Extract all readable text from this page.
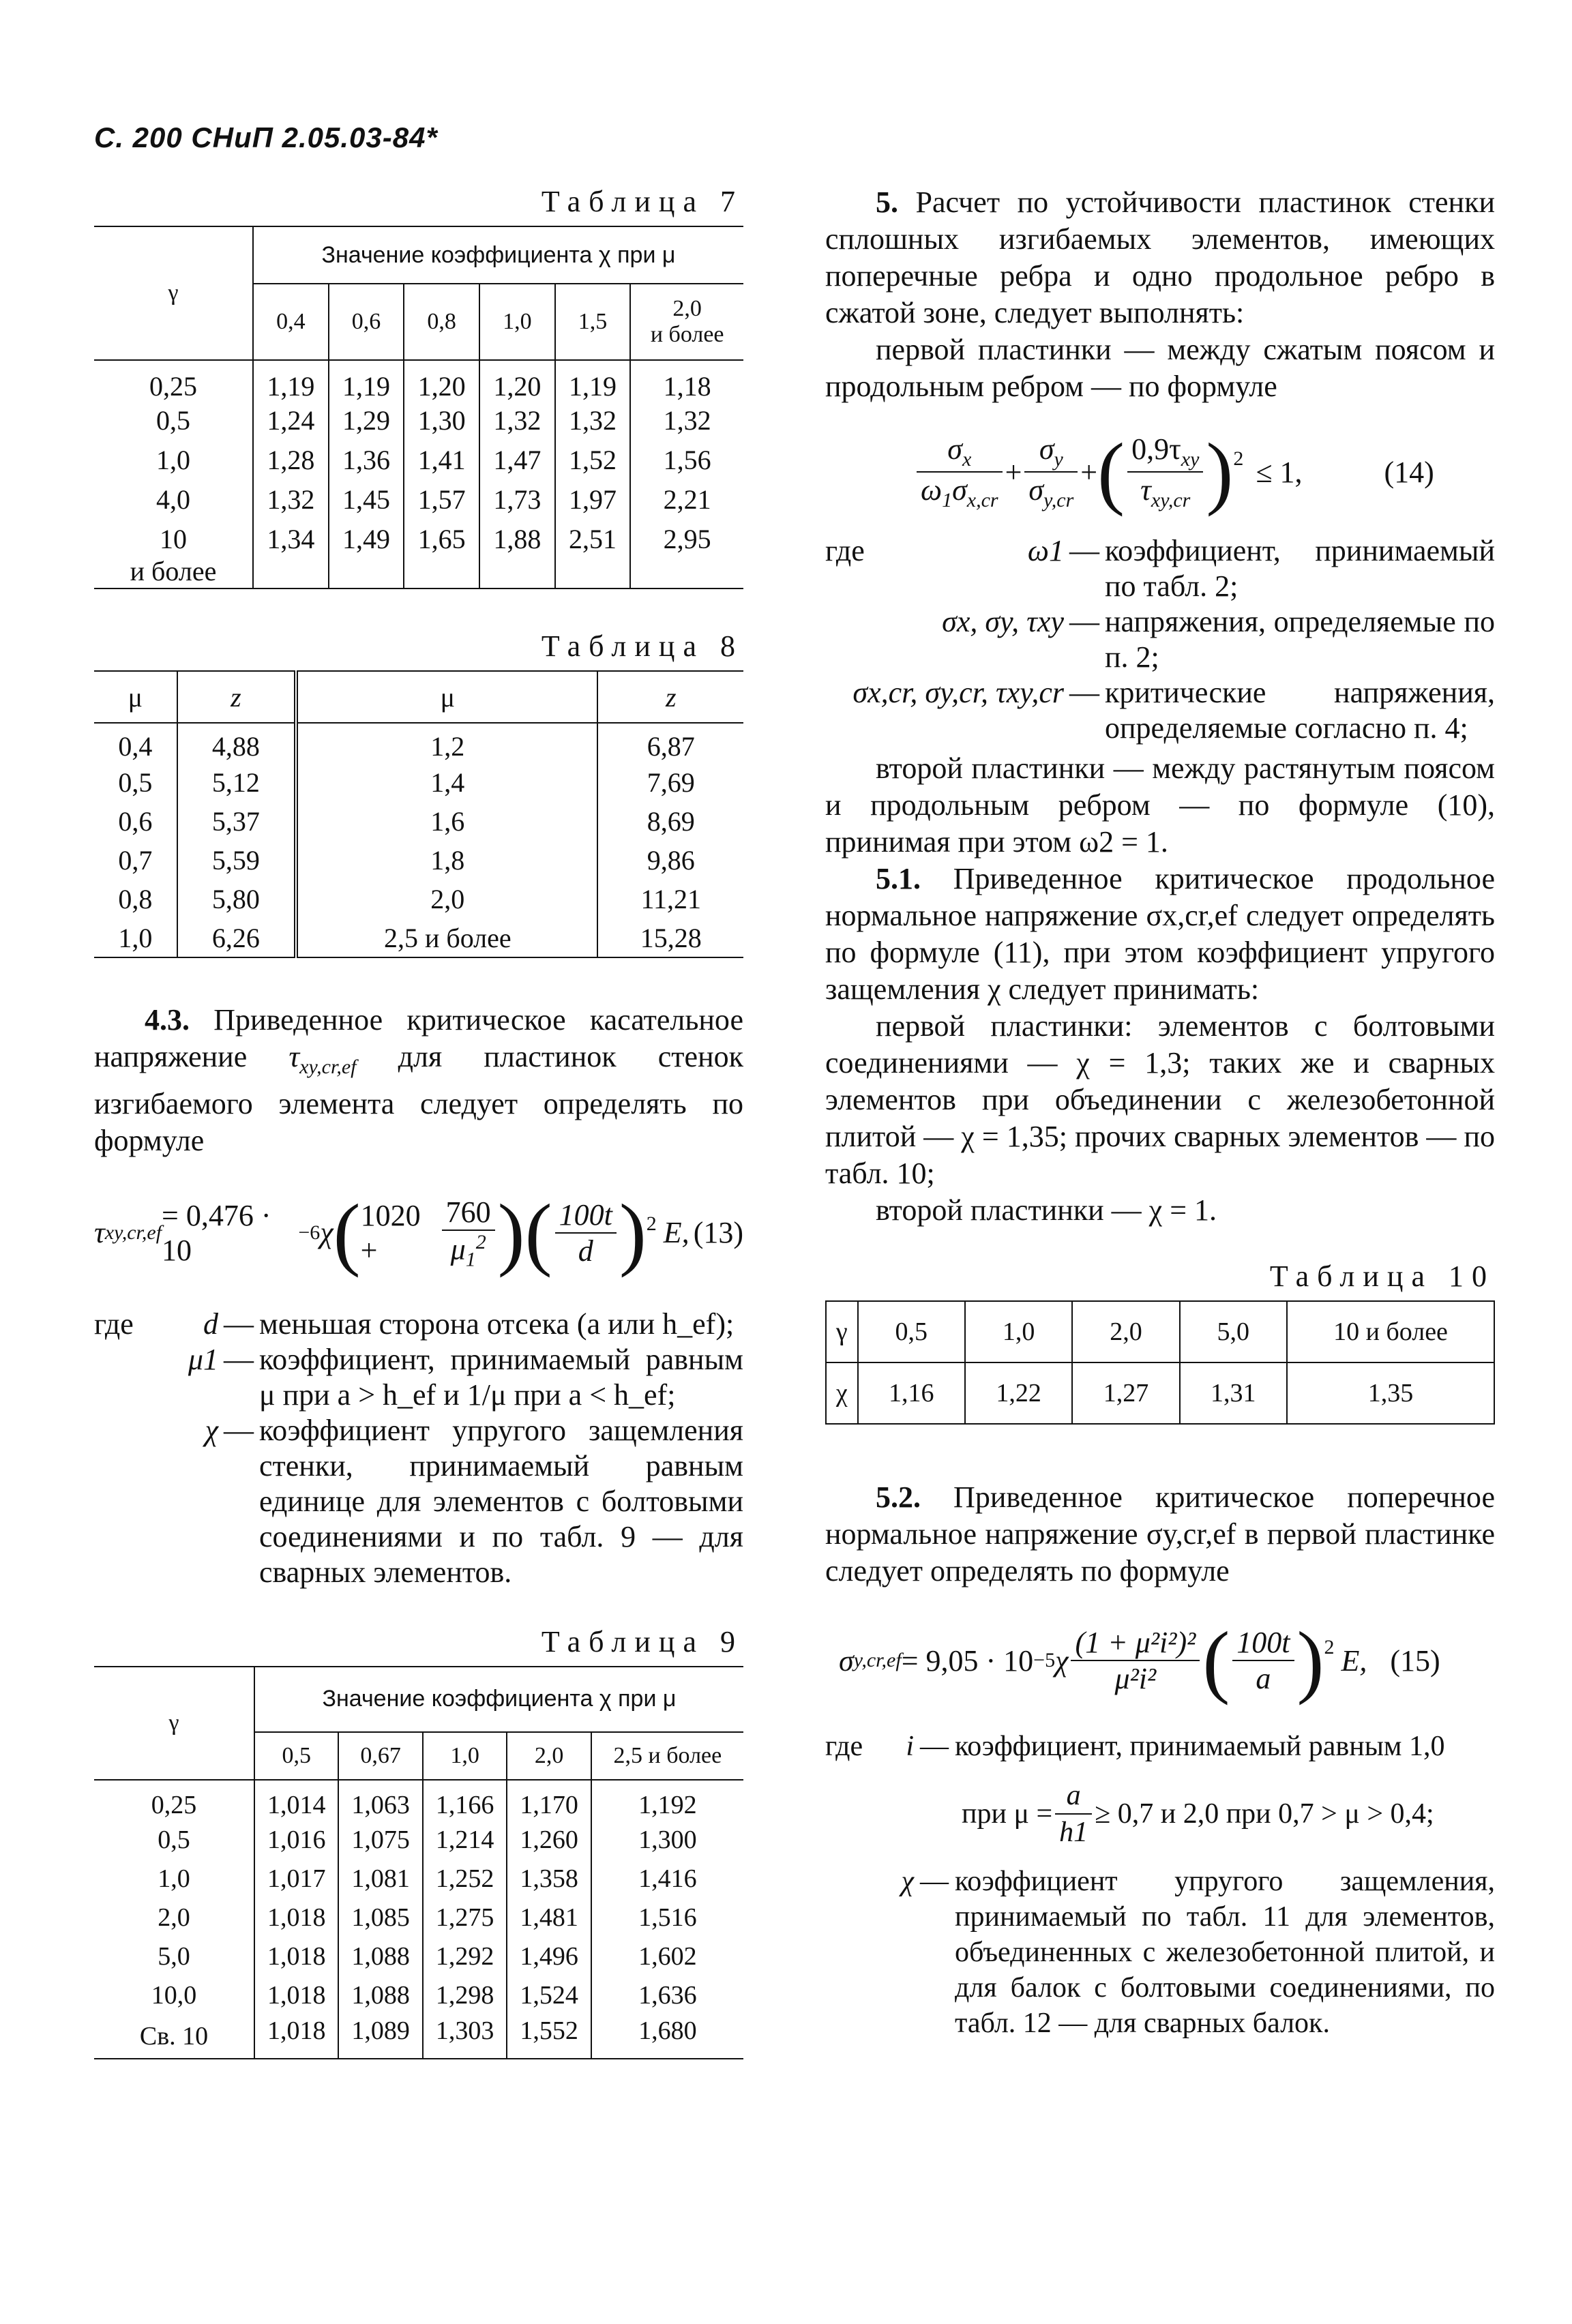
С. 200 СНиП 2.05.03-84*
Таблица 7
γ	Значение коэффициента χ при μ					
	0,4	0,6	0,8	1,0	1,5	2,0
и более
0,25	1,19	1,19	1,20	1,20	1,19	1,18
0,5	1,24	1,29	1,30	1,32	1,32	1,32
1,0	1,28	1,36	1,41	1,47	1,52	1,56
4,0	1,32	1,45	1,57	1,73	1,97	2,21
10
и более	1,34	1,49	1,65	1,88	2,51	2,95
Таблица 8
μ	z	μ	z
0,4	4,88	1,2	6,87
0,5	5,12	1,4	7,69
0,6	5,37	1,6	8,69
0,7	5,59	1,8	9,86
0,8	5,80	2,0	11,21
1,0	6,26	2,5 и более	15,28

4.3. Приведенное критическое касательное напряжение $\tau_{xy,cr,ef}$ для пластинок стенок изгибаемого элемента следует определять по формуле

τ xy,cr,ef
= 0,476 · 10
−6 χ ( 1020 +	$\frac{760}{\mu_1^2}$ ) ( $\frac{100t}{d} )^2$ E, (13)
где	d — меньшая сторона отсека (a или h_ef);
μ1 — коэффициент, принимаемый равным μ при a > h_ef и 1/μ при a < h_ef;
χ — коэффициент упругого защемления стенки, принимаемый равным единице для элементов с болтовыми соединениями и по табл. 9 — для сварных элементов.
Таблица 9
γ	Значение коэффициента χ при μ				
	0,5	0,67	1,0	2,0	2,5 и более
0,25	1,014	1,063	1,166	1,170	1,192
0,5	1,016	1,075	1,214	1,260	1,300
1,0	1,017	1,081	1,252	1,358	1,416
2,0	1,018	1,085	1,275	1,481	1,516
5,0	1,018	1,088	1,292	1,496	1,602
10,0	1,018	1,088	1,298	1,524	1,636
Св. 10	1,018	1,089	1,303	1,552	1,680

5. Расчет по устойчивости пластинок стенки сплошных изгибаемых элементов, имеющих поперечные ребра и одно продольное ребро в сжатой зоне, следует выполнять:

первой пластинки — между сжатым поясом и продольным ребром — по формуле

$\frac{\sigma_x}{\omega_1\sigma_{x,cr}} + \frac{\sigma_y}{\sigma_{y,cr}}$ + ( $\frac{0,9\tau_{xy}}{\tau_{xy,cr}} )^2 \le 1$,	(14)
где	ω1 — коэффициент, принимаемый по табл. 2;
σx, σy, τxy — напряжения, определяемые по п. 2;
σx,cr, σy,cr, τxy,cr — критические напряжения, определяемые согласно п. 4;

второй пластинки — между растянутым поясом и продольным ребром — по формуле (10), принимая при этом ω2 = 1.

5.1. Приведенное критическое продольное нормальное напряжение σx,cr,ef следует определять по формуле (11), при этом коэффициент упругого защемления χ следует принимать:

первой пластинки: элементов с болтовыми соединениями — χ = 1,3; таких же и сварных элементов при объединении с железобетонной плитой — χ = 1,35; прочих сварных элементов — по табл. 10;

второй пластинки — χ = 1.

Таблица 10
γ	0,5	1,0	2,0	5,0	10 и более
χ	1,16	1,22	1,27	1,31	1,35

5.2. Приведенное критическое поперечное нормальное напряжение σy,cr,ef в первой пластинке следует определять по формуле

σ y,cr,ef = 9,05 · 10 −5 χ $\frac{\text{(1 + μ²i²)²}}{\text{μ²i²}}$ ( $\frac{100t}{a} )^2$ E, (15)
где	i — коэффициент, принимаемый равным 1,0
при $\mu = \frac{a}{h1} \ge 0,7$ и 2,0 при 0,7 > μ > 0,4;
χ — коэффициент упругого защемления, принимаемый по табл. 11 для элементов, объединенных с железобетонной плитой, и для балок с болтовыми соединениями, по табл. 12 — для сварных балок.
